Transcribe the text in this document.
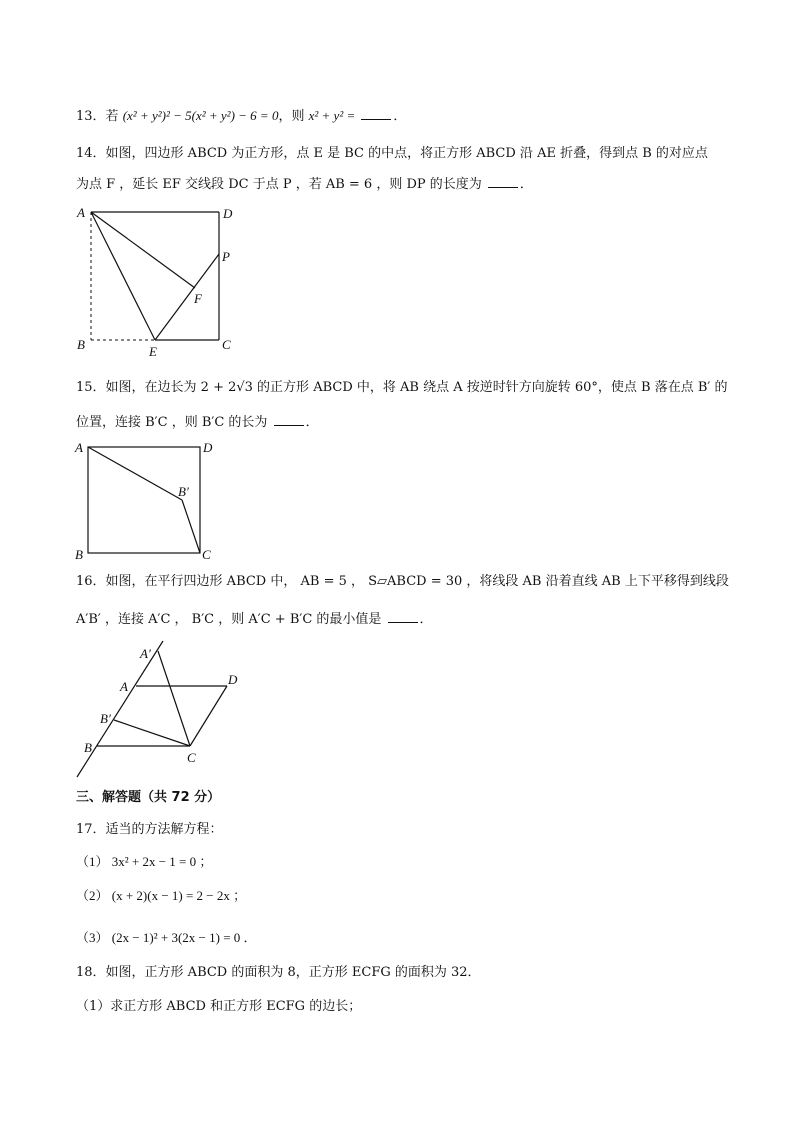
13．若 (x² + y²)² − 5(x² + y²) − 6 = 0，则 x² + y² =	．
14．如图，四边形 ABCD 为正方形，点 E 是 BC 的中点，将正方形 ABCD 沿 AE 折叠，得到点 B 的对应点
为点 F ，延长 EF 交线段 DC 于点 P ，若 AB = 6 ，则 DP 的长度为	．
A	D
P
F
B	E	C
15．如图，在边长为 2 + 2√3 的正方形 ABCD 中，将 AB 绕点 A 按逆时针方向旋转 60°，使点 B 落在点 B′ 的
位置，连接 B′C ，则 B′C 的长为	．
A	D
B′
B	C
16．如图，在平行四边形 ABCD 中， AB = 5 ， S▱ABCD = 30 ，将线段 AB 沿着直线 AB 上下平移得到线段
A′B′ ，连接 A′C ， B′C ，则 A′C + B′C 的最小值是	．
A′
A	D
B′
B
C
三、解答题（共 72 分）
17．适当的方法解方程：
（1） 3x² + 2x − 1 = 0 ；
（2） (x + 2)(x − 1) = 2 − 2x ；
（3） (2x − 1)² + 3(2x − 1) = 0 ．
18．如图，正方形 ABCD 的面积为 8，正方形 ECFG 的面积为 32．
（1）求正方形 ABCD 和正方形 ECFG 的边长；
